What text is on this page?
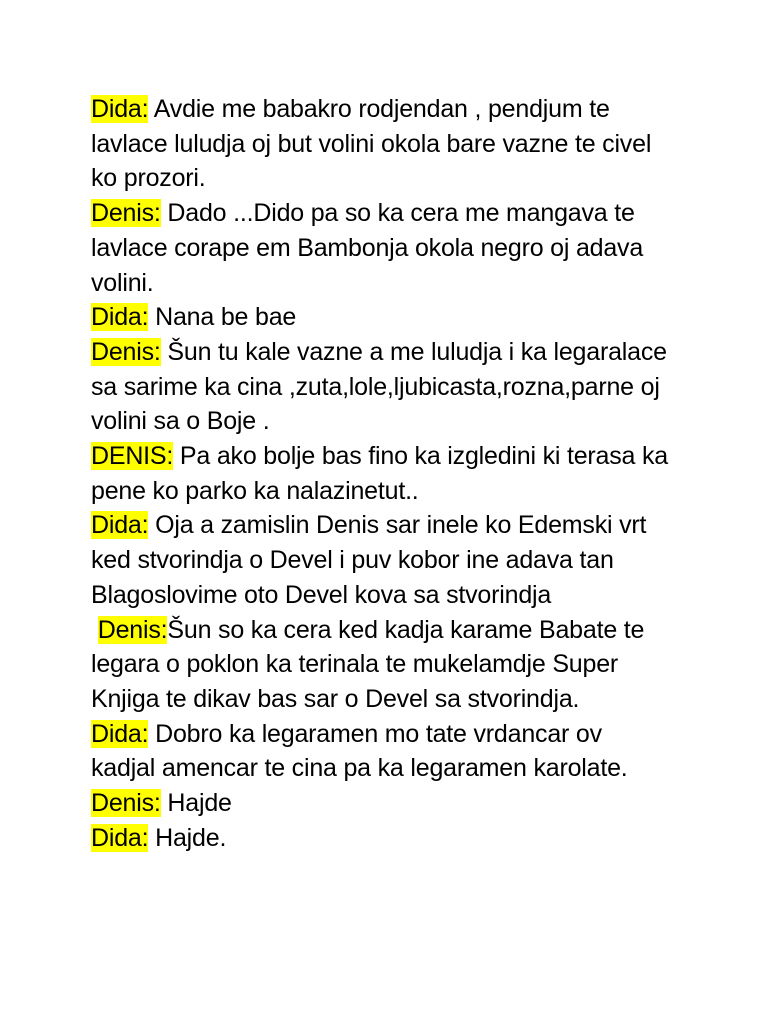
Dida: Avdie me babakro rodjendan , pendjum te
lavlace luludja oj but volini okola bare vazne te civel
ko prozori.

Denis: Dado ...Dido pa so ka cera me mangava te
lavlace corape em Bambonja okola negro oj adava
volini.

Dida: Nana be bae

Denis: Šun tu kale vazne a me luludja i ka legaralace
sa sarime ka cina ,zuta,lole,ljubicasta,rozna,parne oj
volini sa o Boje .

DENIS: Pa ako bolje bas fino ka izgledini ki terasa ka
pene ko parko ka nalazinetut..

Dida: Oja a zamislin Denis sar inele ko Edemski vrt
ked stvorindja o Devel i puv kobor ine adava tan
Blagoslovime oto Devel kova sa stvorindja

Denis:Šun so ka cera ked kadja karame Babate te
legara o poklon ka terinala te mukelamdje Super
Knjiga te dikav bas sar o Devel sa stvorindja.

Dida: Dobro ka legaramen mo tate vrdancar ov
kadjal amencar te cina pa ka legaramen karolate.

Denis: Hajde

Dida: Hajde.
